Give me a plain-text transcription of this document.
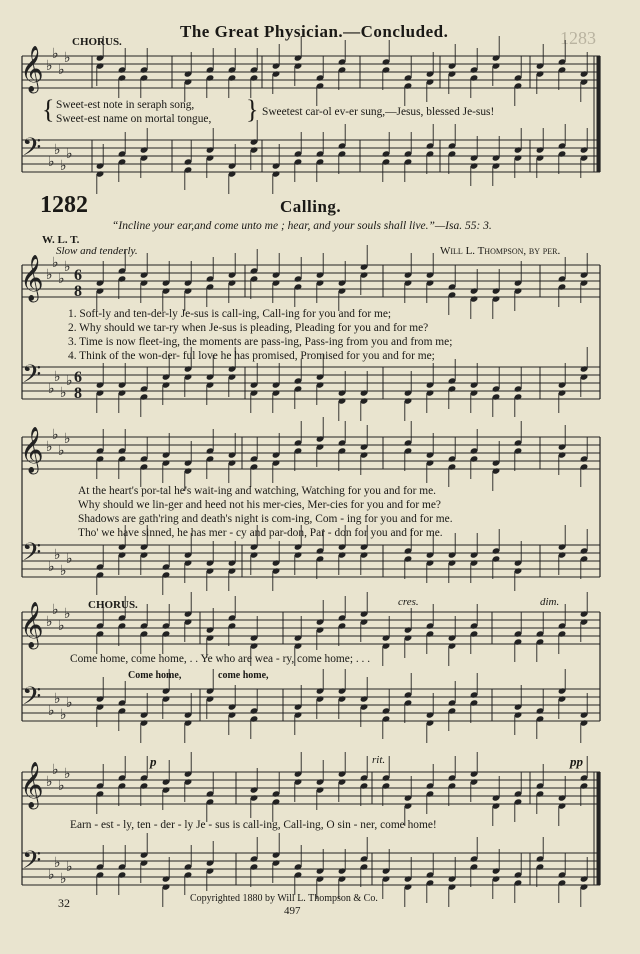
The Great Physician.—Concluded.	1283
CHORUS.
{ Sweet-est note in seraph song,
Sweet-est name on mortal tongue, } Sweetest car-ol ev-er sung,—Jesus, blessed Je-sus!
1282	Calling.
“Incline your ear,and come unto me ; hear, and your souls shall live.”—Isa. 55: 3.
W. L. T.
Slow and tenderly.	Will L. Thompson, by per.
1. Soft-ly and ten-der-ly Je-sus is call-ing, Call-ing for you and for me;
2. Why should we tar-ry when Je-sus is pleading, Pleading for you and for me?
3. Time is now fleet-ing, the moments are pass-ing, Pass-ing from you and from me;
4. Think of the won-der- ful love he has promised, Promised for you and for me;
At the heart's por-tal he's wait-ing and watching, Watching for you and for me.
Why should we lin-ger and heed not his mer-cies, Mer-cies for you and for me?
Shadows are gath'ring and death's night is com-ing, Com - ing for you and for me.
Tho' we have sinned, he has mer - cy and par-don, Par - don for you and for me.
CHORUS.	cres.	dim.
Come home, come home, . . Ye who are wea - ry, come home; . . .
Come home,	come home,
p	rit.	pp
Earn - est - ly, ten - der - ly Je - sus is call-ing, Call-ing, O sin - ner, come home!
32	Copyrighted 1880 by Will L. Thompson & Co.
497
𝄞 ♭
♭
♭
♭
𝄢 ♭
♭
♭
♭
𝄞 ♭
♭
♭
♭
𝄢 ♭
♭
♭
♭
6
8
6
8
𝄞 ♭
♭
♭
♭
𝄢 ♭
♭
♭
♭
𝄞 ♭
♭
♭
♭
𝄢 ♭
♭
♭
♭
𝄞 ♭
♭
♭
♭
𝄢 ♭
♭
♭
♭
